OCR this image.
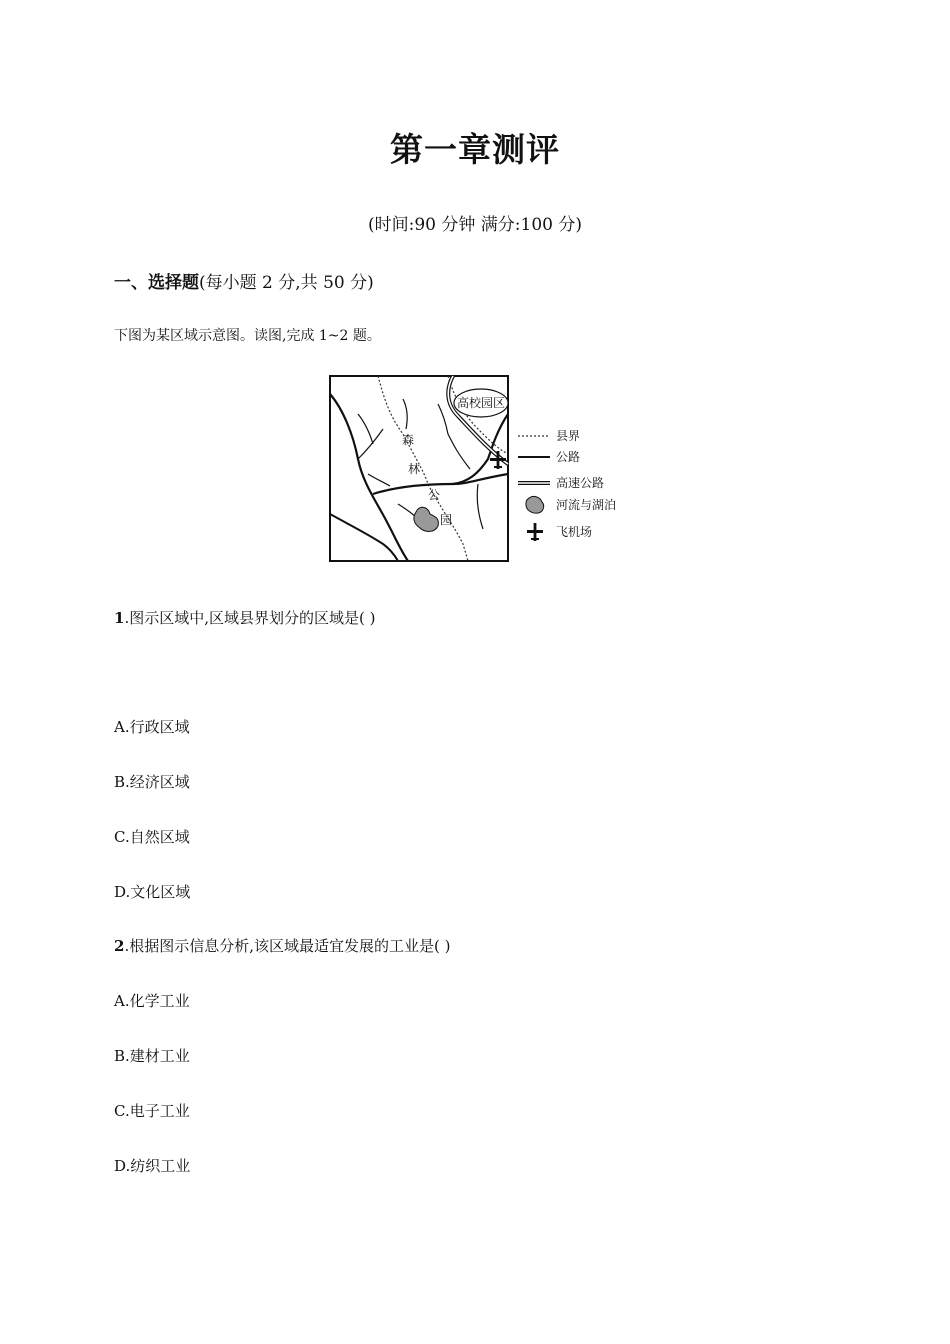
第一章测评
(时间:90 分钟 满分:100 分)
一、选择题(每小题 2 分,共 50 分)
下图为某区域示意图。读图,完成 1~2 题。
高校园区
森
林
公
园
县界
公路
高速公路
河流与湖泊
飞机场
1.图示区域中,区域县界划分的区域是( )
A.行政区域
B.经济区域
C.自然区域
D.文化区域
2.根据图示信息分析,该区域最适宜发展的工业是( )
A.化学工业
B.建材工业
C.电子工业
D.纺织工业
